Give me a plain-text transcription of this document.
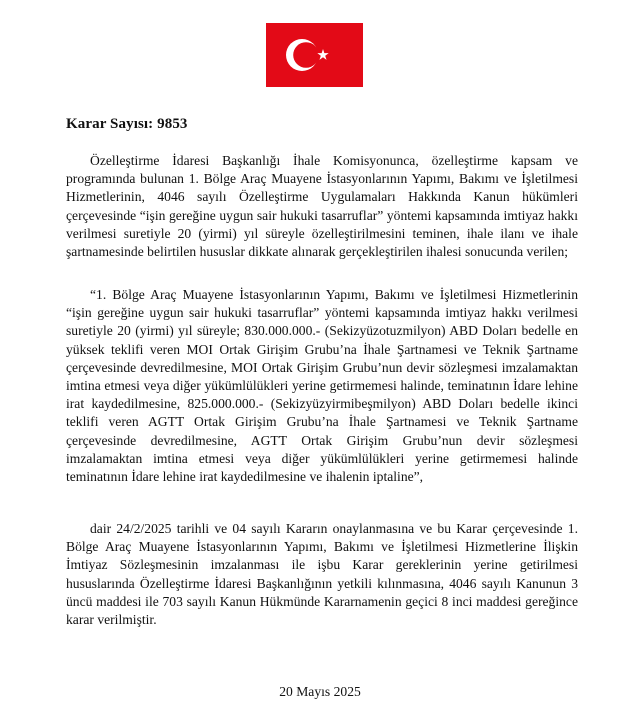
Karar Sayısı: 9853

Özelleştirme İdaresi Başkanlığı İhale Komisyonunca, özelleştirme kapsam ve programında bulunan 1. Bölge Araç Muayene İstasyonlarının Yapımı, Bakımı ve İşletilmesi Hizmetlerinin, 4046 sayılı Özelleştirme Uygulamaları Hakkında Kanun hükümleri çerçevesinde “işin gereğine uygun sair hukuki tasarruflar” yöntemi kapsamında imtiyaz hakkı verilmesi suretiyle 20 (yirmi) yıl süreyle özelleştirilmesini teminen, ihale ilanı ve ihale şartnamesinde belirtilen hususlar dikkate alınarak gerçekleştirilen ihalesi sonucunda verilen;

“1. Bölge Araç Muayene İstasyonlarının Yapımı, Bakımı ve İşletilmesi Hizmetlerinin “işin gereğine uygun sair hukuki tasarruflar” yöntemi kapsamında imtiyaz hakkı verilmesi suretiyle 20 (yirmi) yıl süreyle; 830.000.000.- (Sekizyüzotuzmilyon) ABD Doları bedelle en yüksek teklifi veren MOI Ortak Girişim Grubu’na İhale Şartnamesi ve Teknik Şartname çerçevesinde devredilmesine, MOI Ortak Girişim Grubu’nun devir sözleşmesi imzalamaktan imtina etmesi veya diğer yükümlülükleri yerine getirmemesi halinde, teminatının İdare lehine irat kaydedilmesine, 825.000.000.- (Sekizyüzyirmibeşmilyon) ABD Doları bedelle ikinci teklifi veren AGTT Ortak Girişim Grubu’na İhale Şartnamesi ve Teknik Şartname çerçevesinde devredilmesine, AGTT Ortak Girişim Grubu’nun devir sözleşmesi imzalamaktan imtina etmesi veya diğer yükümlülükleri yerine getirmemesi halinde teminatının İdare lehine irat kaydedilmesine ve ihalenin iptaline”,

dair 24/2/2025 tarihli ve 04 sayılı Kararın onaylanmasına ve bu Karar çerçevesinde 1. Bölge Araç Muayene İstasyonlarının Yapımı, Bakımı ve İşletilmesi Hizmetlerine İlişkin İmtiyaz Sözleşmesinin imzalanması ile işbu Karar gereklerinin yerine getirilmesi hususlarında Özelleştirme İdaresi Başkanlığının yetkili kılınmasına, 4046 sayılı Kanunun 3 üncü maddesi ile 703 sayılı Kanun Hükmünde Kararnamenin geçici 8 inci maddesi gereğince karar verilmiştir.

20 Mayıs 2025
